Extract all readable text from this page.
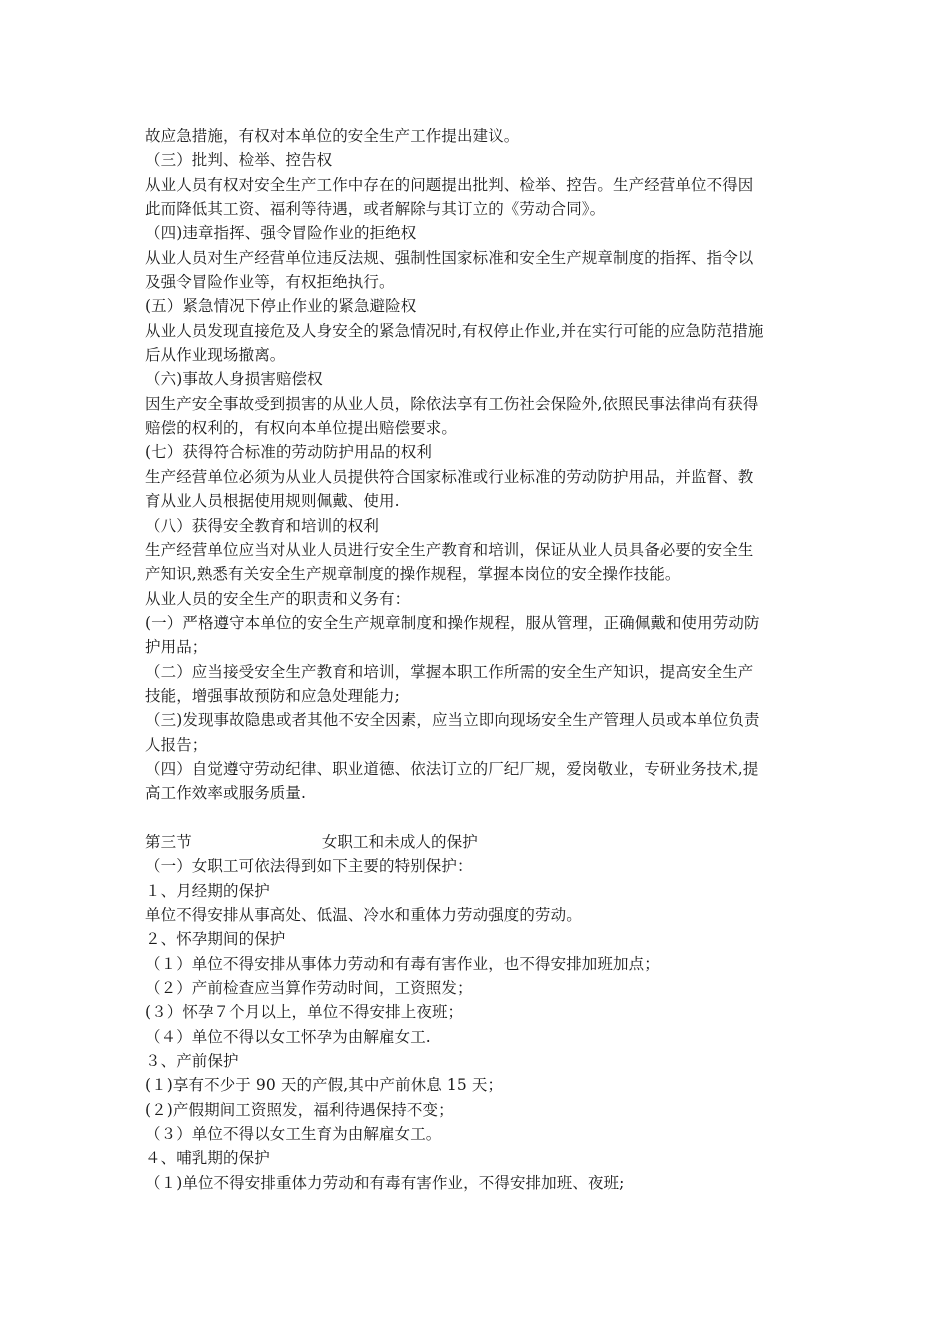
故应急措施，有权对本单位的安全生产工作提出建议。
（三）批判、检举、控告权
从业人员有权对安全生产工作中存在的问题提出批判、检举、控告。生产经营单位不得因
此而降低其工资、福利等待遇，或者解除与其订立的《劳动合同》。
（四)违章指挥、强令冒险作业的拒绝权
从业人员对生产经营单位违反法规、强制性国家标准和安全生产规章制度的指挥、指令以
及强令冒险作业等，有权拒绝执行。
(五）紧急情况下停止作业的紧急避险权
从业人员发现直接危及人身安全的紧急情况时,有权停止作业,并在实行可能的应急防范措施
后从作业现场撤离。
（六)事故人身损害赔偿权
因生产安全事故受到损害的从业人员，除依法享有工伤社会保险外,依照民事法律尚有获得
赔偿的权利的，有权向本单位提出赔偿要求。
(七）获得符合标准的劳动防护用品的权利
生产经营单位必须为从业人员提供符合国家标准或行业标准的劳动防护用品，并监督、教
育从业人员根据使用规则佩戴、使用.
（八）获得安全教育和培训的权利
生产经营单位应当对从业人员进行安全生产教育和培训，保证从业人员具备必要的安全生
产知识,熟悉有关安全生产规章制度的操作规程，掌握本岗位的安全操作技能。
从业人员的安全生产的职责和义务有：
(一）严格遵守本单位的安全生产规章制度和操作规程，服从管理，正确佩戴和使用劳动防
护用品；
（二）应当接受安全生产教育和培训，掌握本职工作所需的安全生产知识，提高安全生产
技能，增强事故预防和应急处理能力;
（三)发现事故隐患或者其他不安全因素，应当立即向现场安全生产管理人员或本单位负责
人报告；
（四）自觉遵守劳动纪律、职业道德、依法订立的厂纪厂规，爱岗敬业，专研业务技术,提
高工作效率或服务质量.
第三节	女职工和未成人的保护
（一）女职工可依法得到如下主要的特别保护：
１、月经期的保护
单位不得安排从事高处、低温、冷水和重体力劳动强度的劳动。
２、怀孕期间的保护
（１）单位不得安排从事体力劳动和有毒有害作业，也不得安排加班加点；
（２）产前检查应当算作劳动时间，工资照发；
(３）怀孕７个月以上，单位不得安排上夜班；
（４）单位不得以女工怀孕为由解雇女工.
３、产前保护
(１)享有不少于 90 天的产假,其中产前休息 15 天；
(２)产假期间工资照发，福利待遇保持不变；
（３）单位不得以女工生育为由解雇女工。
４、哺乳期的保护
（１)单位不得安排重体力劳动和有毒有害作业，不得安排加班、夜班;
